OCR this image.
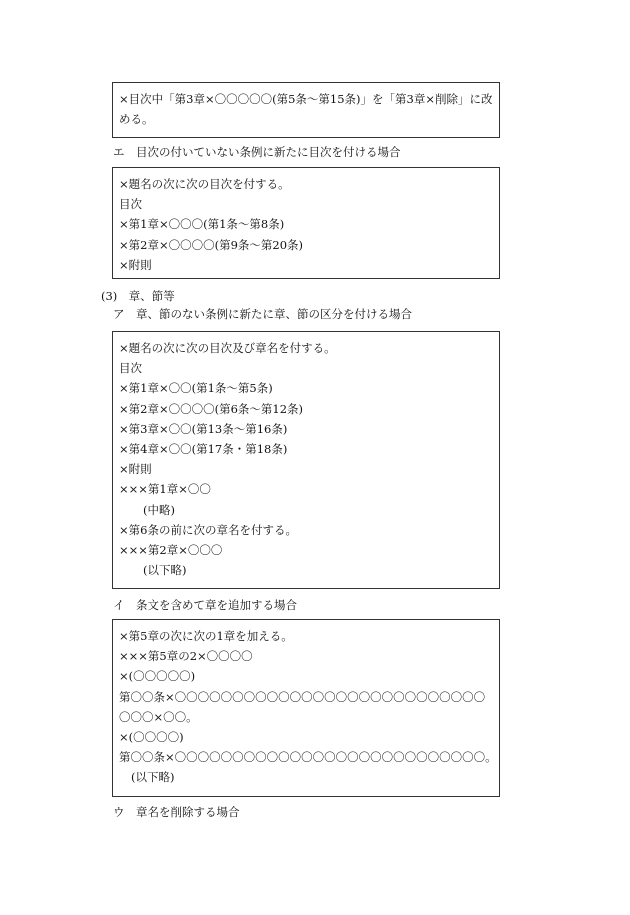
×目次中「第3章×〇〇〇〇〇(第5条〜第15条)」を「第3章×削除」に改める。
エ　目次の付いていない条例に新たに目次を付ける場合
×題名の次に次の目次を付する。
目次
×第1章×〇〇〇(第1条〜第8条)
×第2章×〇〇〇〇(第9条〜第20条)
×附則
(3)　章、節等
ア　章、節のない条例に新たに章、節の区分を付ける場合
×題名の次に次の目次及び章名を付する。
目次
×第1章×〇〇(第1条〜第5条)
×第2章×〇〇〇〇(第6条〜第12条)
×第3章×〇〇(第13条〜第16条)
×第4章×〇〇(第17条・第18条)
×附則
×××第1章×〇〇
(中略)
×第6条の前に次の章名を付する。
×××第2章×〇〇〇
(以下略)
イ　条文を含めて章を追加する場合
×第5章の次に次の1章を加える。
×××第5章の2×〇〇〇〇
×(〇〇〇〇〇)
第〇〇条×〇〇〇〇〇〇〇〇〇〇〇〇〇〇〇〇〇〇〇〇〇〇〇〇〇〇〇〇〇〇×〇〇。
×(〇〇〇〇)
第〇〇条×〇〇〇〇〇〇〇〇〇〇〇〇〇〇〇〇〇〇〇〇〇〇〇〇〇〇〇。
(以下略)
ウ　章名を削除する場合
